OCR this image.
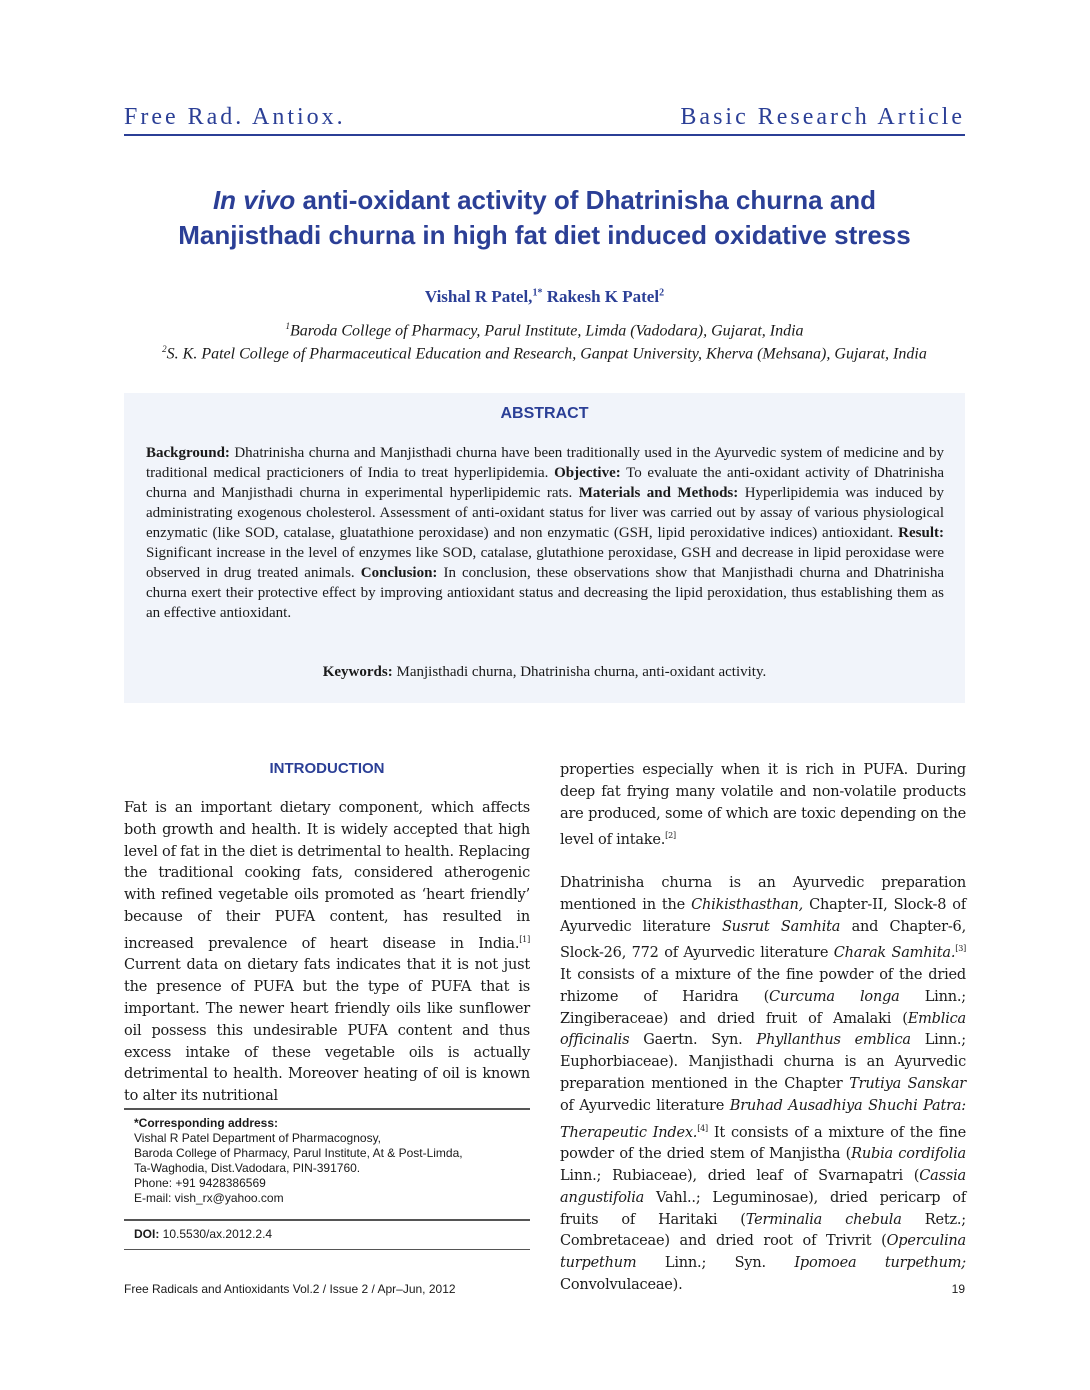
Free Rad. Antiox.	Basic Research Article
In vivo anti-oxidant activity of Dhatrinisha churna and
Manjisthadi churna in high fat diet induced oxidative stress
Vishal R Patel,$^{1*}$ Rakesh K Patel$^2$
$^1$Baroda College of Pharmacy, Parul Institute, Limda (Vadodara), Gujarat, India
$^2$S. K. Patel College of Pharmaceutical Education and Research, Ganpat University, Kherva (Mehsana), Gujarat, India
ABSTRACT
Background: Dhatrinisha churna and Manjisthadi churna have been traditionally used in the Ayurvedic system of medicine and by traditional medical practicioners of India to treat hyperlipidemia. Objective: To evaluate the anti-oxidant activity of Dhatrinisha churna and Manjisthadi churna in experimental hyperlipidemic rats. Materials and Methods: Hyperlipidemia was induced by administrating exogenous cholesterol. Assessment of anti-oxidant status for liver was carried out by assay of various physiological enzymatic (like SOD, catalase, gluatathione peroxidase) and non enzymatic (GSH, lipid peroxidative indices) antioxidant. Result: Significant increase in the level of enzymes like SOD, catalase, glutathione peroxidase, GSH and decrease in lipid peroxidase were observed in drug treated animals. Conclusion: In conclusion, these observations show that Manjisthadi churna and Dhatrinisha churna exert their protective effect by improving antioxidant status and decreasing the lipid peroxidation, thus establishing them as an effective antioxidant.
Keywords: Manjisthadi churna, Dhatrinisha churna, anti-oxidant activity.
INTRODUCTION

Fat is an important dietary component, which affects both growth and health. It is widely accepted that high level of fat in the diet is detrimental to health. Replacing the traditional cooking fats, considered atherogenic with refined vegetable oils promoted as ‘heart friendly’ because of their PUFA content, has resulted in increased prevalence of heart disease in India.[1] Current data on dietary fats indicates that it is not just the presence of PUFA but the type of PUFA that is important. The newer heart friendly oils like sunflower oil possess this undesirable PUFA content and thus excess intake of these vegetable oils is actually detrimental to health. Moreover heating of oil is known to alter its nutritional

properties especially when it is rich in PUFA. During deep fat frying many volatile and non-volatile products are produced, some of which are toxic depending on the level of intake.[2]

Dhatrinisha churna is an Ayurvedic preparation mentioned in the Chikisthasthan, Chapter-II, Slock-8 of Ayurvedic literature Susrut Samhita and Chapter-6, Slock-26, 772 of Ayurvedic literature Charak Samhita.[3] It consists of a mixture of the fine powder of the dried rhizome of Haridra (Curcuma longa Linn.; Zingiberaceae) and dried fruit of Amalaki (Emblica officinalis Gaertn. Syn. Phyllanthus emblica Linn.; Euphorbiaceae). Manjisthadi churna is an Ayurvedic preparation mentioned in the Chapter Trutiya Sanskar of Ayurvedic literature Bruhad Ausadhiya Shuchi Patra: Therapeutic Index.[4] It consists of a mixture of the fine powder of the dried stem of Manjistha (Rubia cordifolia Linn.; Rubiaceae), dried leaf of Svarnapatri (Cassia angustifolia Vahl..; Leguminosae), dried pericarp of fruits of Haritaki (Terminalia chebula Retz.; Combretaceae) and dried root of Trivrit (Operculina turpethum Linn.; Syn. Ipomoea turpethum; Convolvulaceae).

*Corresponding address:
Vishal R Patel Department of Pharmacognosy,
Baroda College of Pharmacy, Parul Institute, At & Post-Limda,
Ta-Waghodia, Dist.Vadodara, PIN-391760.
Phone: +91 9428386569
E-mail: vish_rx@yahoo.com
DOI: 10.5530/ax.2012.2.4
Free Radicals and Antioxidants Vol.2 / Issue 2 / Apr–Jun, 2012	19
